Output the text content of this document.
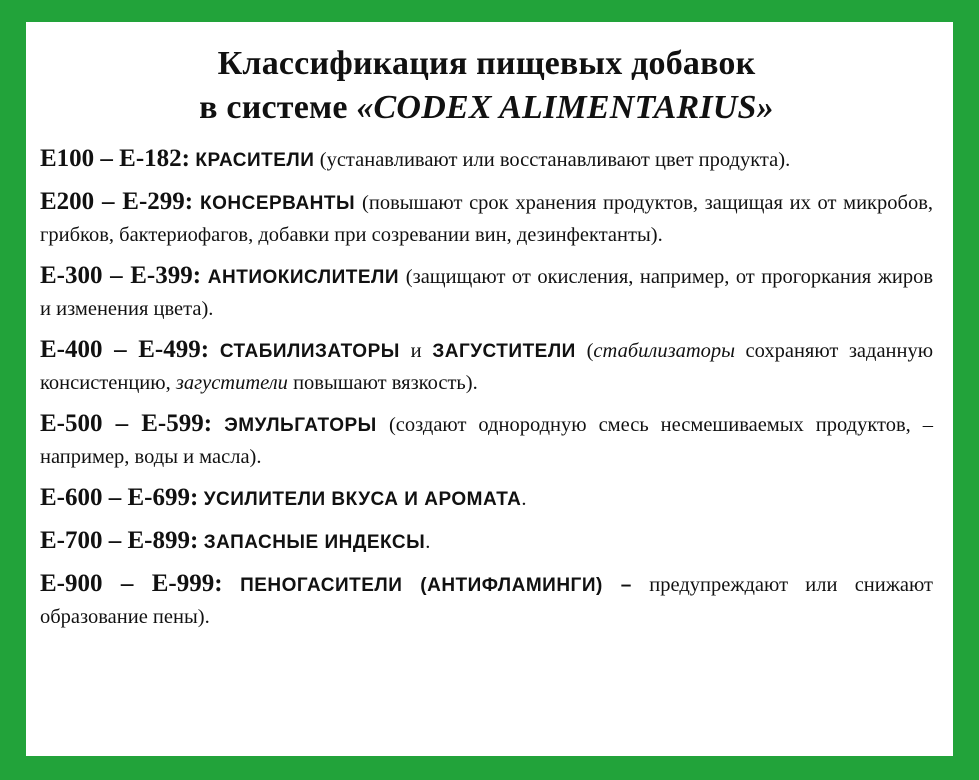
Классификация пищевых добавок
в системе «CODEX ALIMENTARIUS»

E100 – E-182: КРАСИТЕЛИ (устанавливают или восстанавливают цвет продукта).

E200 – E-299: КОНСЕРВАНТЫ (повышают срок хранения продуктов, защищая их от микробов, грибков, бактериофагов, добавки при созревании вин, дезинфектанты).

E-300 – E-399: АНТИОКИСЛИТЕЛИ (защищают от окисления, например, от прогоркания жиров и изменения цвета).

E-400 – E-499: СТАБИЛИЗАТОРЫ и ЗАГУСТИТЕЛИ (стабилизаторы сохраняют заданную консистенцию, загустители повышают вязкость).

E-500 – E-599: ЭМУЛЬГАТОРЫ (создают однородную смесь несмешиваемых продуктов, – например, воды и масла).

E-600 – E-699: УСИЛИТЕЛИ ВКУСА И АРОМАТА.

E-700 – E-899: ЗАПАСНЫЕ ИНДЕКСЫ.

E-900 – E-999: ПЕНОГАСИТЕЛИ (АНТИФЛАМИНГИ) – предупреждают или снижают образование пены).
